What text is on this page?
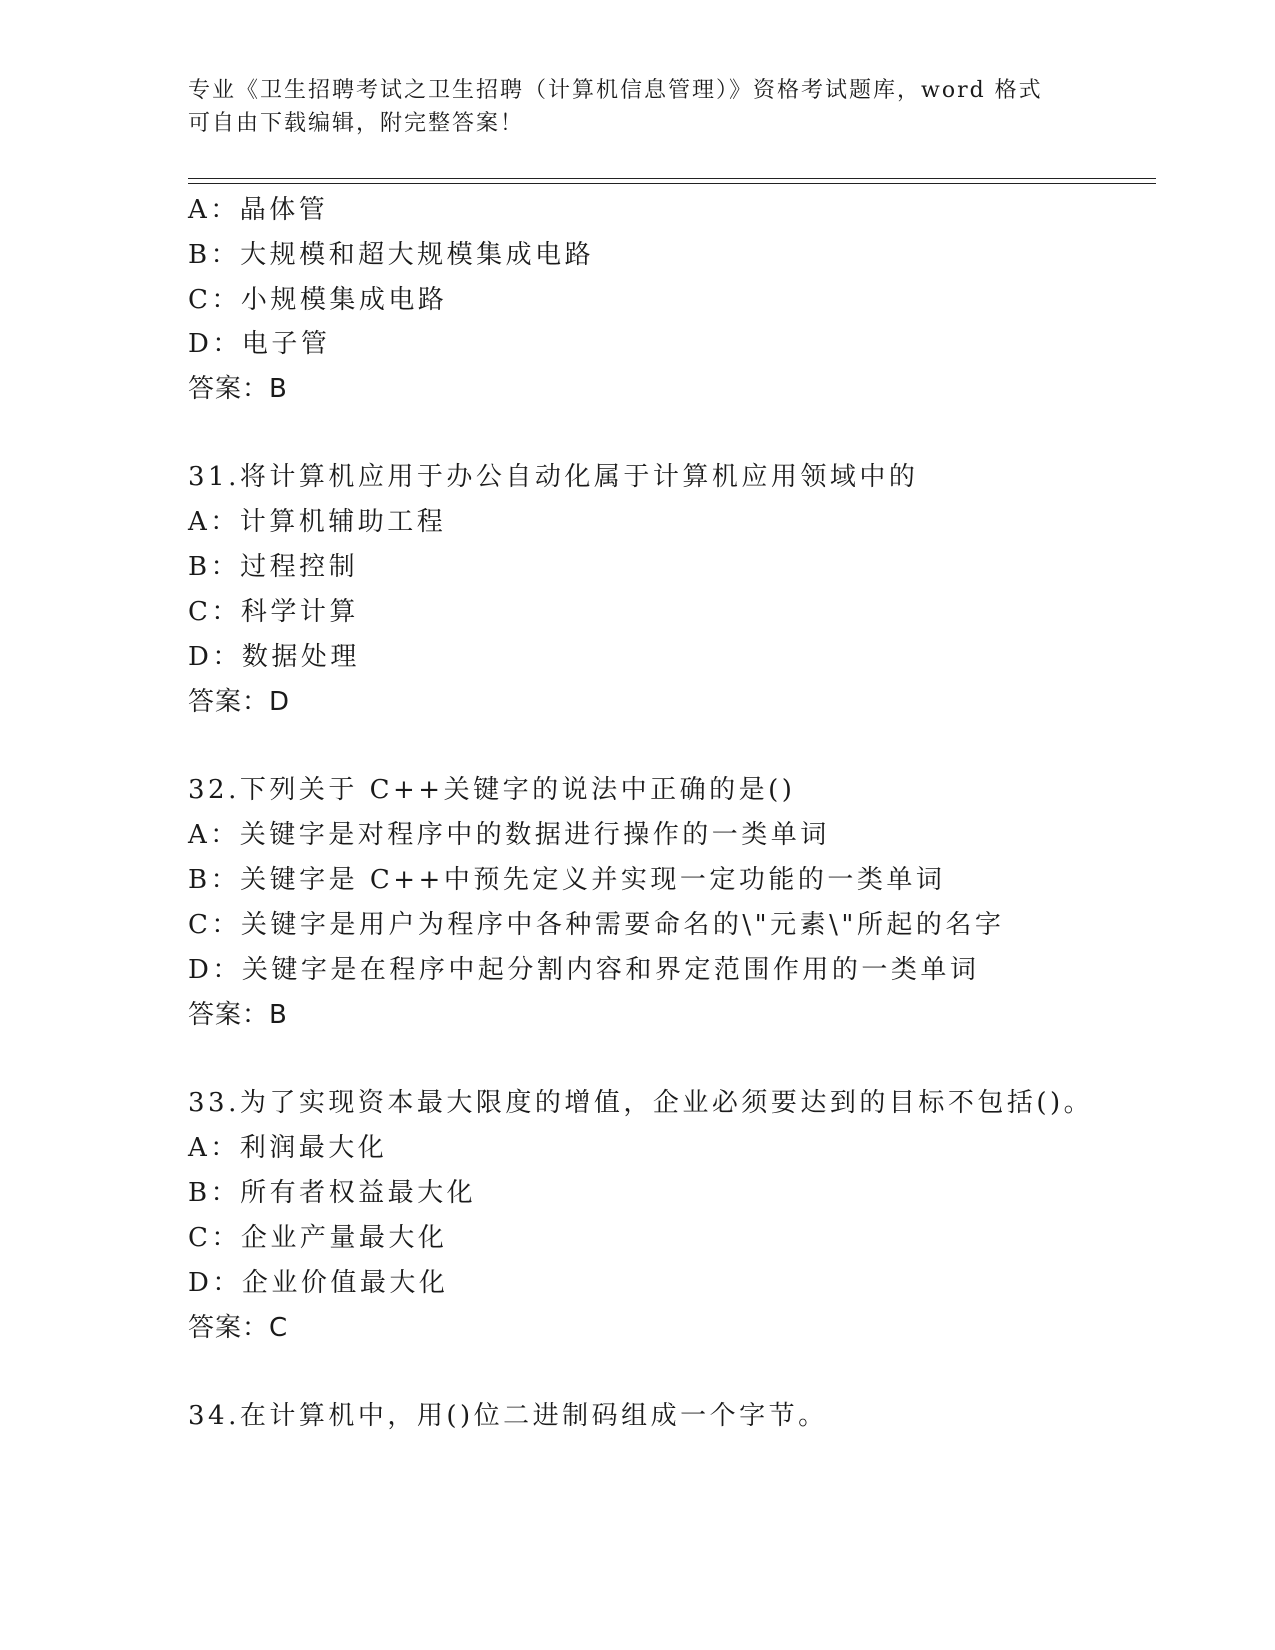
专业《卫生招聘考试之卫生招聘（计算机信息管理）》资格考试题库，word 格式
可自由下载编辑，附完整答案！
A：晶体管
B：大规模和超大规模集成电路
C：小规模集成电路
D：电子管
答案：B
31.将计算机应用于办公自动化属于计算机应用领域中的
A：计算机辅助工程
B：过程控制
C：科学计算
D：数据处理
答案：D
32.下列关于 C++关键字的说法中正确的是()
A：关键字是对程序中的数据进行操作的一类单词
B：关键字是 C++中预先定义并实现一定功能的一类单词
C：关键字是用户为程序中各种需要命名的\"元素\"所起的名字
D：关键字是在程序中起分割内容和界定范围作用的一类单词
答案：B
33.为了实现资本最大限度的增值，企业必须要达到的目标不包括()。
A：利润最大化
B：所有者权益最大化
C：企业产量最大化
D：企业价值最大化
答案：C
34.在计算机中，用()位二进制码组成一个字节。
